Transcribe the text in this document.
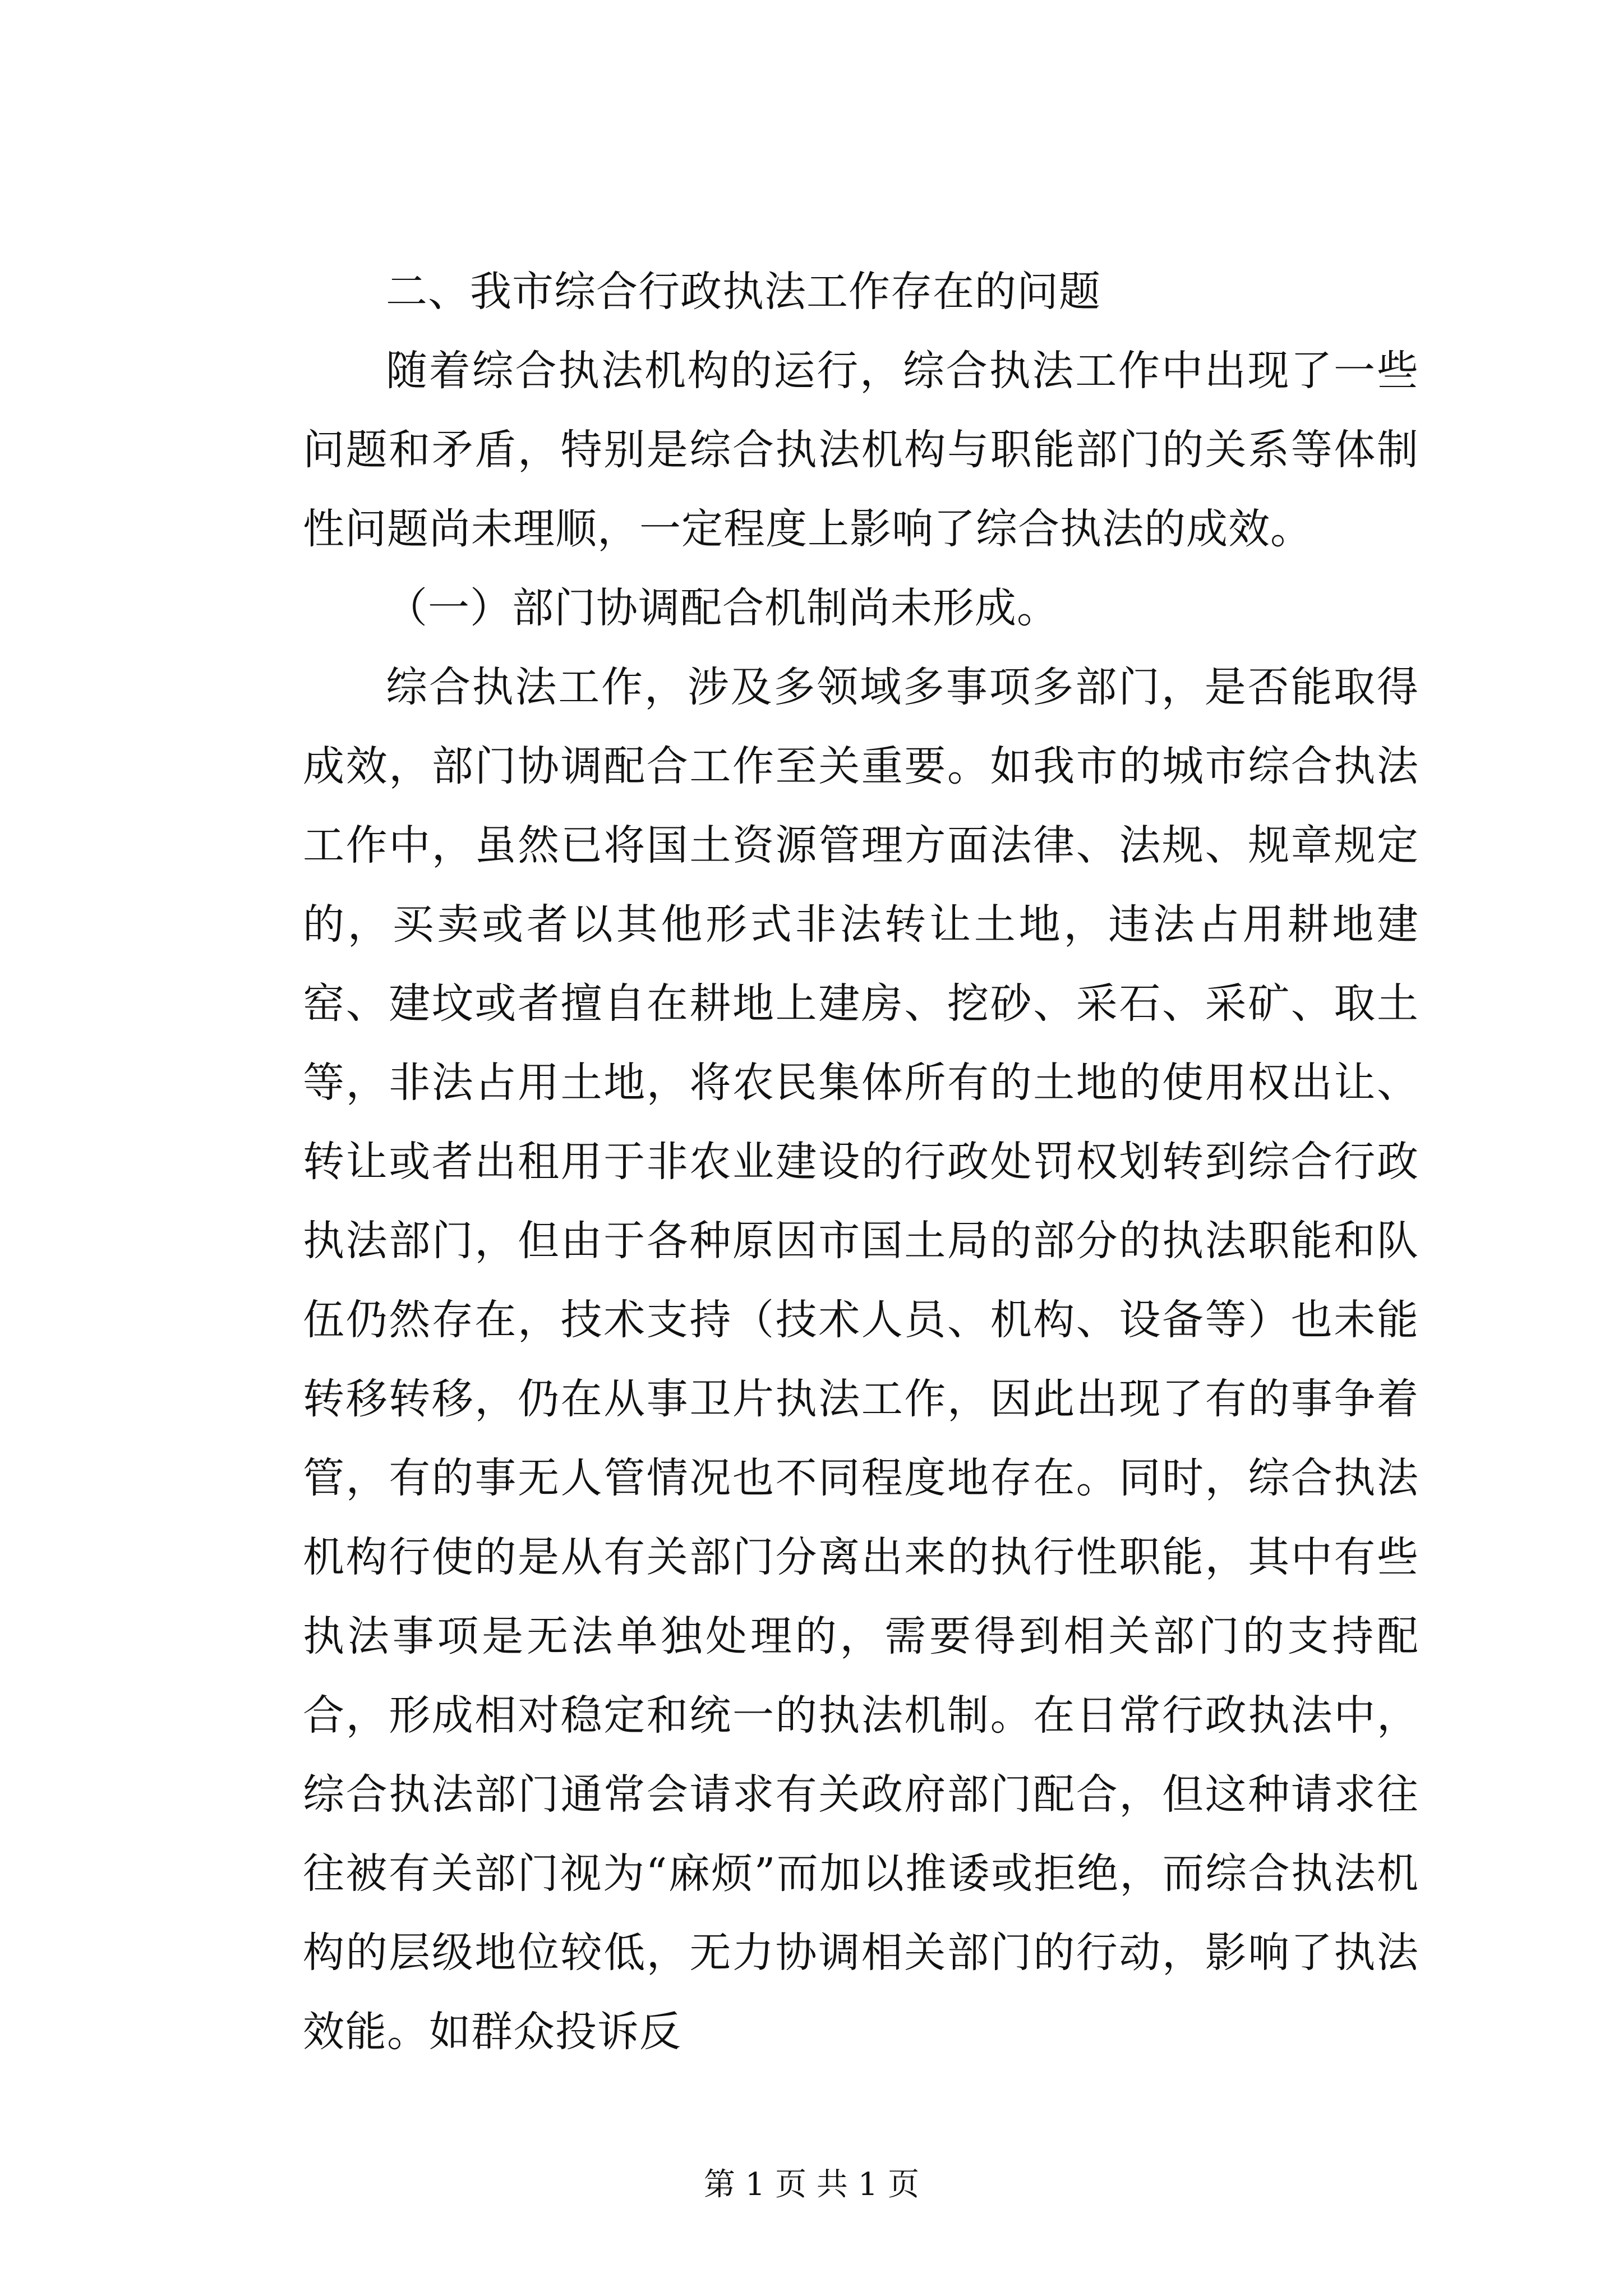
二、我市综合行政执法工作存在的问题

随着综合执法机构的运行，综合执法工作中出现了一些问题和矛盾，特别是综合执法机构与职能部门的关系等体制性问题尚未理顺，一定程度上影响了综合执法的成效。

（一）部门协调配合机制尚未形成。

综合执法工作，涉及多领域多事项多部门，是否能取得成效，部门协调配合工作至关重要。如我市的城市综合执法工作中，虽然已将国土资源管理方面法律、法规、规章规定的，买卖或者以其他形式非法转让土地，违法占用耕地建窑、建坟或者擅自在耕地上建房、挖砂、采石、采矿、取土等，非法占用土地，将农民集体所有的土地的使用权出让、转让或者出租用于非农业建设的行政处罚权划转到综合行政执法部门，但由于各种原因市国土局的部分的执法职能和队伍仍然存在，技术支持（技术人员、机构、设备等）也未能转移转移，仍在从事卫片执法工作，因此出现了有的事争着管，有的事无人管情况也不同程度地存在。同时，综合执法机构行使的是从有关部门分离出来的执行性职能，其中有些执法事项是无法单独处理的，需要得到相关部门的支持配合，形成相对稳定和统一的执法机制。在日常行政执法中，综合执法部门通常会请求有关政府部门配合，但这种请求往往被有关部门视为“麻烦”而加以推诿或拒绝，而综合执法机构的层级地位较低，无力协调相关部门的行动，影响了执法效能。如群众投诉反

第 1 页 共 1 页
